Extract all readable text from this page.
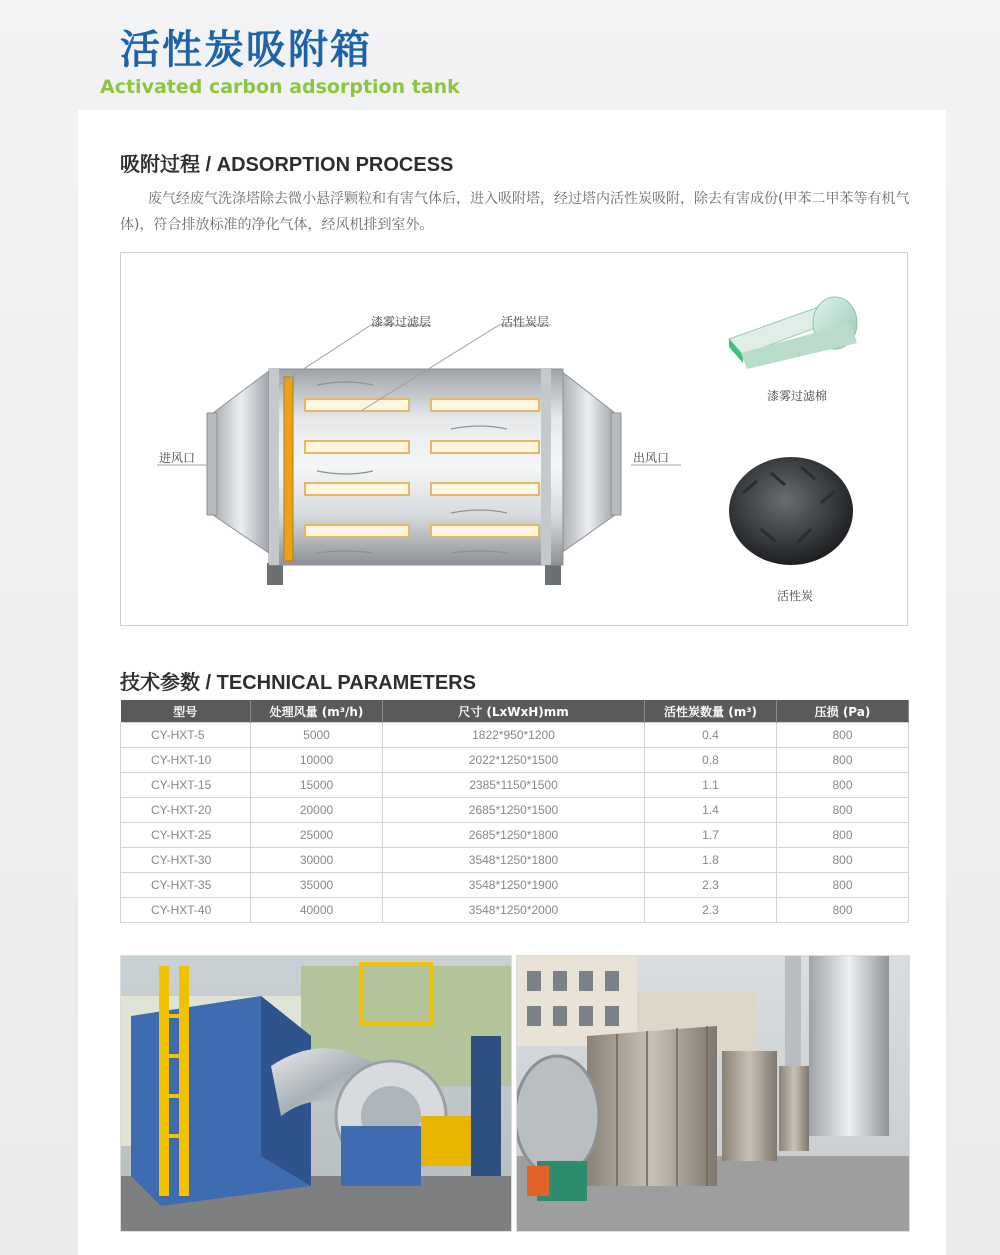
活性炭吸附箱
Activated carbon adsorption tank
吸附过程 / ADSORPTION PROCESS

废气经废气洗涤塔除去微小悬浮颗粒和有害气体后，进入吸附塔，经过塔内活性炭吸附，除去有害成份(甲苯二甲苯等有机气体)，符合排放标准的净化气体，经风机排到室外。

漆雾过滤层	活性炭层
进风口	出风口
漆雾过滤棉
活性炭
技术参数 / TECHNICAL PARAMETERS
型号	处理风量 (m³/h)	尺寸 (LxWxH)mm	活性炭数量 (m³)	压损 (Pa)
CY-HXT-5	5000	1822*950*1200	0.4	800
CY-HXT-10	10000	2022*1250*1500	0.8	800
CY-HXT-15	15000	2385*1150*1500	1.1	800
CY-HXT-20	20000	2685*1250*1500	1.4	800
CY-HXT-25	25000	2685*1250*1800	1.7	800
CY-HXT-30	30000	3548*1250*1800	1.8	800
CY-HXT-35	35000	3548*1250*1900	2.3	800
CY-HXT-40	40000	3548*1250*2000	2.3	800
